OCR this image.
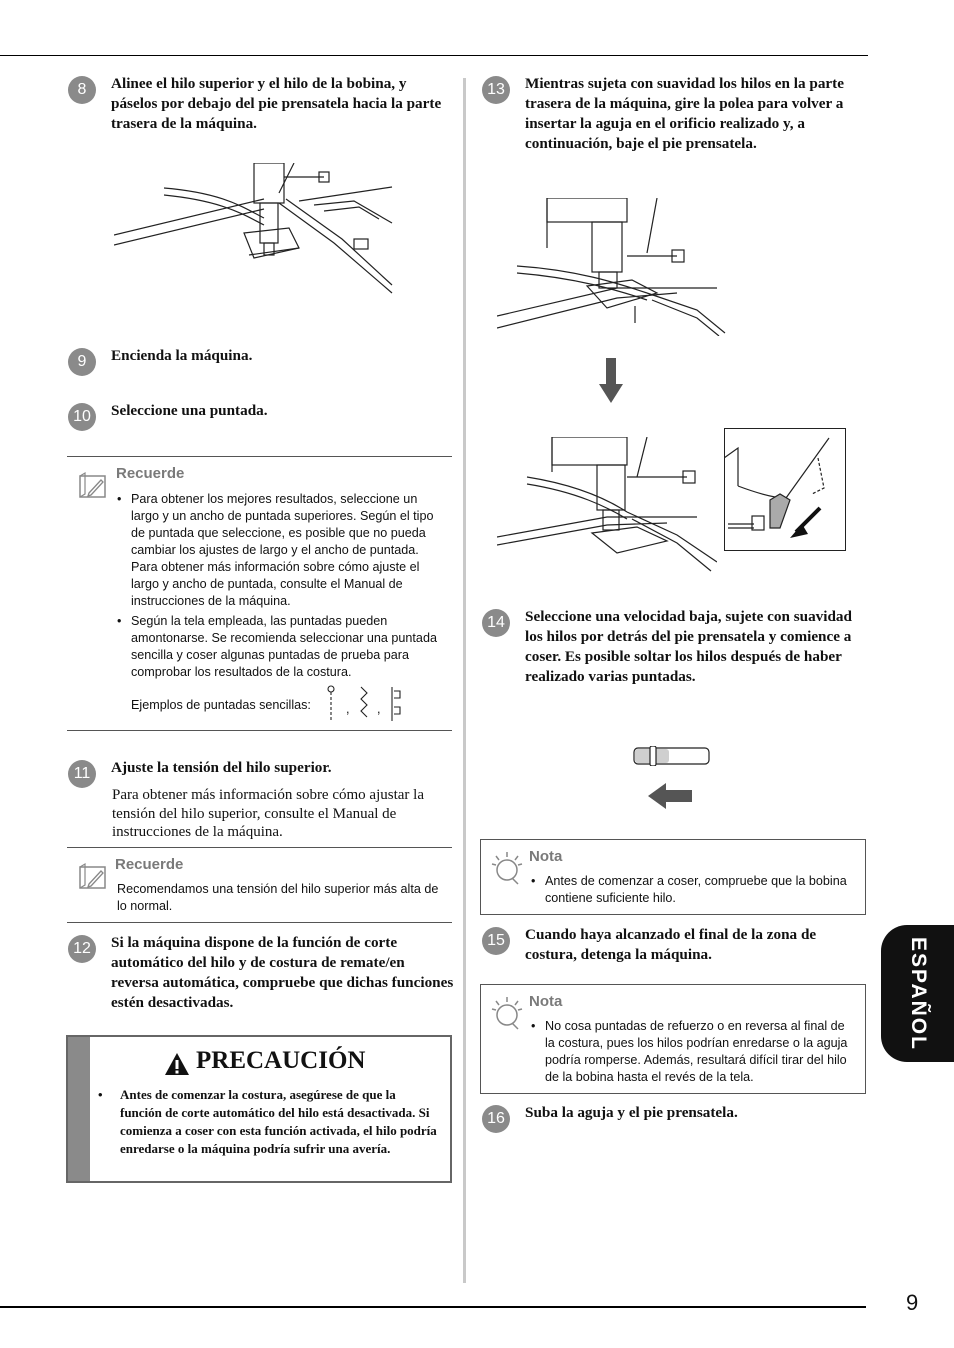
9
ESPAÑOL
8	Alinee el hilo superior y el hilo de la bobina, y páselos por debajo del pie prensatela hacia la parte trasera de la máquina.
9	Encienda la máquina.
10	Seleccione una puntada.
Recuerde
• Para obtener los mejores resultados, seleccione un largo y un ancho de puntada superiores. Según el tipo de puntada que seleccione, es posible que no pueda cambiar los ajustes de largo y el ancho de puntada. Para obtener más información sobre cómo ajuste el largo y ancho de puntada, consulte el Manual de instrucciones de la máquina.
• Según la tela empleada, las puntadas pueden amontonarse. Se recomienda seleccionar una puntada sencilla y coser algunas puntadas de prueba para comprobar los resultados de la costura.
Ejemplos de puntadas sencillas:	, ,
11	Ajuste la tensión del hilo superior.
Para obtener más información sobre cómo ajustar la tensión del hilo superior, consulte el Manual de instrucciones de la máquina.
Recuerde
Recomendamos una tensión del hilo superior más alta de lo normal.
12	Si la máquina dispone de la función de corte automático del hilo y de costura de remate/en reversa automática, compruebe que dichas funciones estén desactivadas.
PRECAUCIÓN
• Antes de comenzar la costura, asegúrese de que la función de corte automático del hilo está desactivada. Si comienza a coser con esta función activada, el hilo podría enredarse o la máquina podría sufrir una avería.
13	Mientras sujeta con suavidad los hilos en la parte trasera de la máquina, gire la polea para volver a insertar la aguja en el orificio realizado y, a continuación, baje el pie prensatela.
14	Seleccione una velocidad baja, sujete con suavidad los hilos por detrás del pie prensatela y comience a coser. Es posible soltar los hilos después de haber realizado varias puntadas.
Nota
• Antes de comenzar a coser, compruebe que la bobina contiene suficiente hilo.
15	Cuando haya alcanzado el final de la zona de costura, detenga la máquina.
Nota
• No cosa puntadas de refuerzo o en reversa al final de la costura, pues los hilos podrían enredarse o la aguja podría romperse. Además, resultará difícil tirar del hilo de la bobina hasta el revés de la tela.
16	Suba la aguja y el pie prensatela.
